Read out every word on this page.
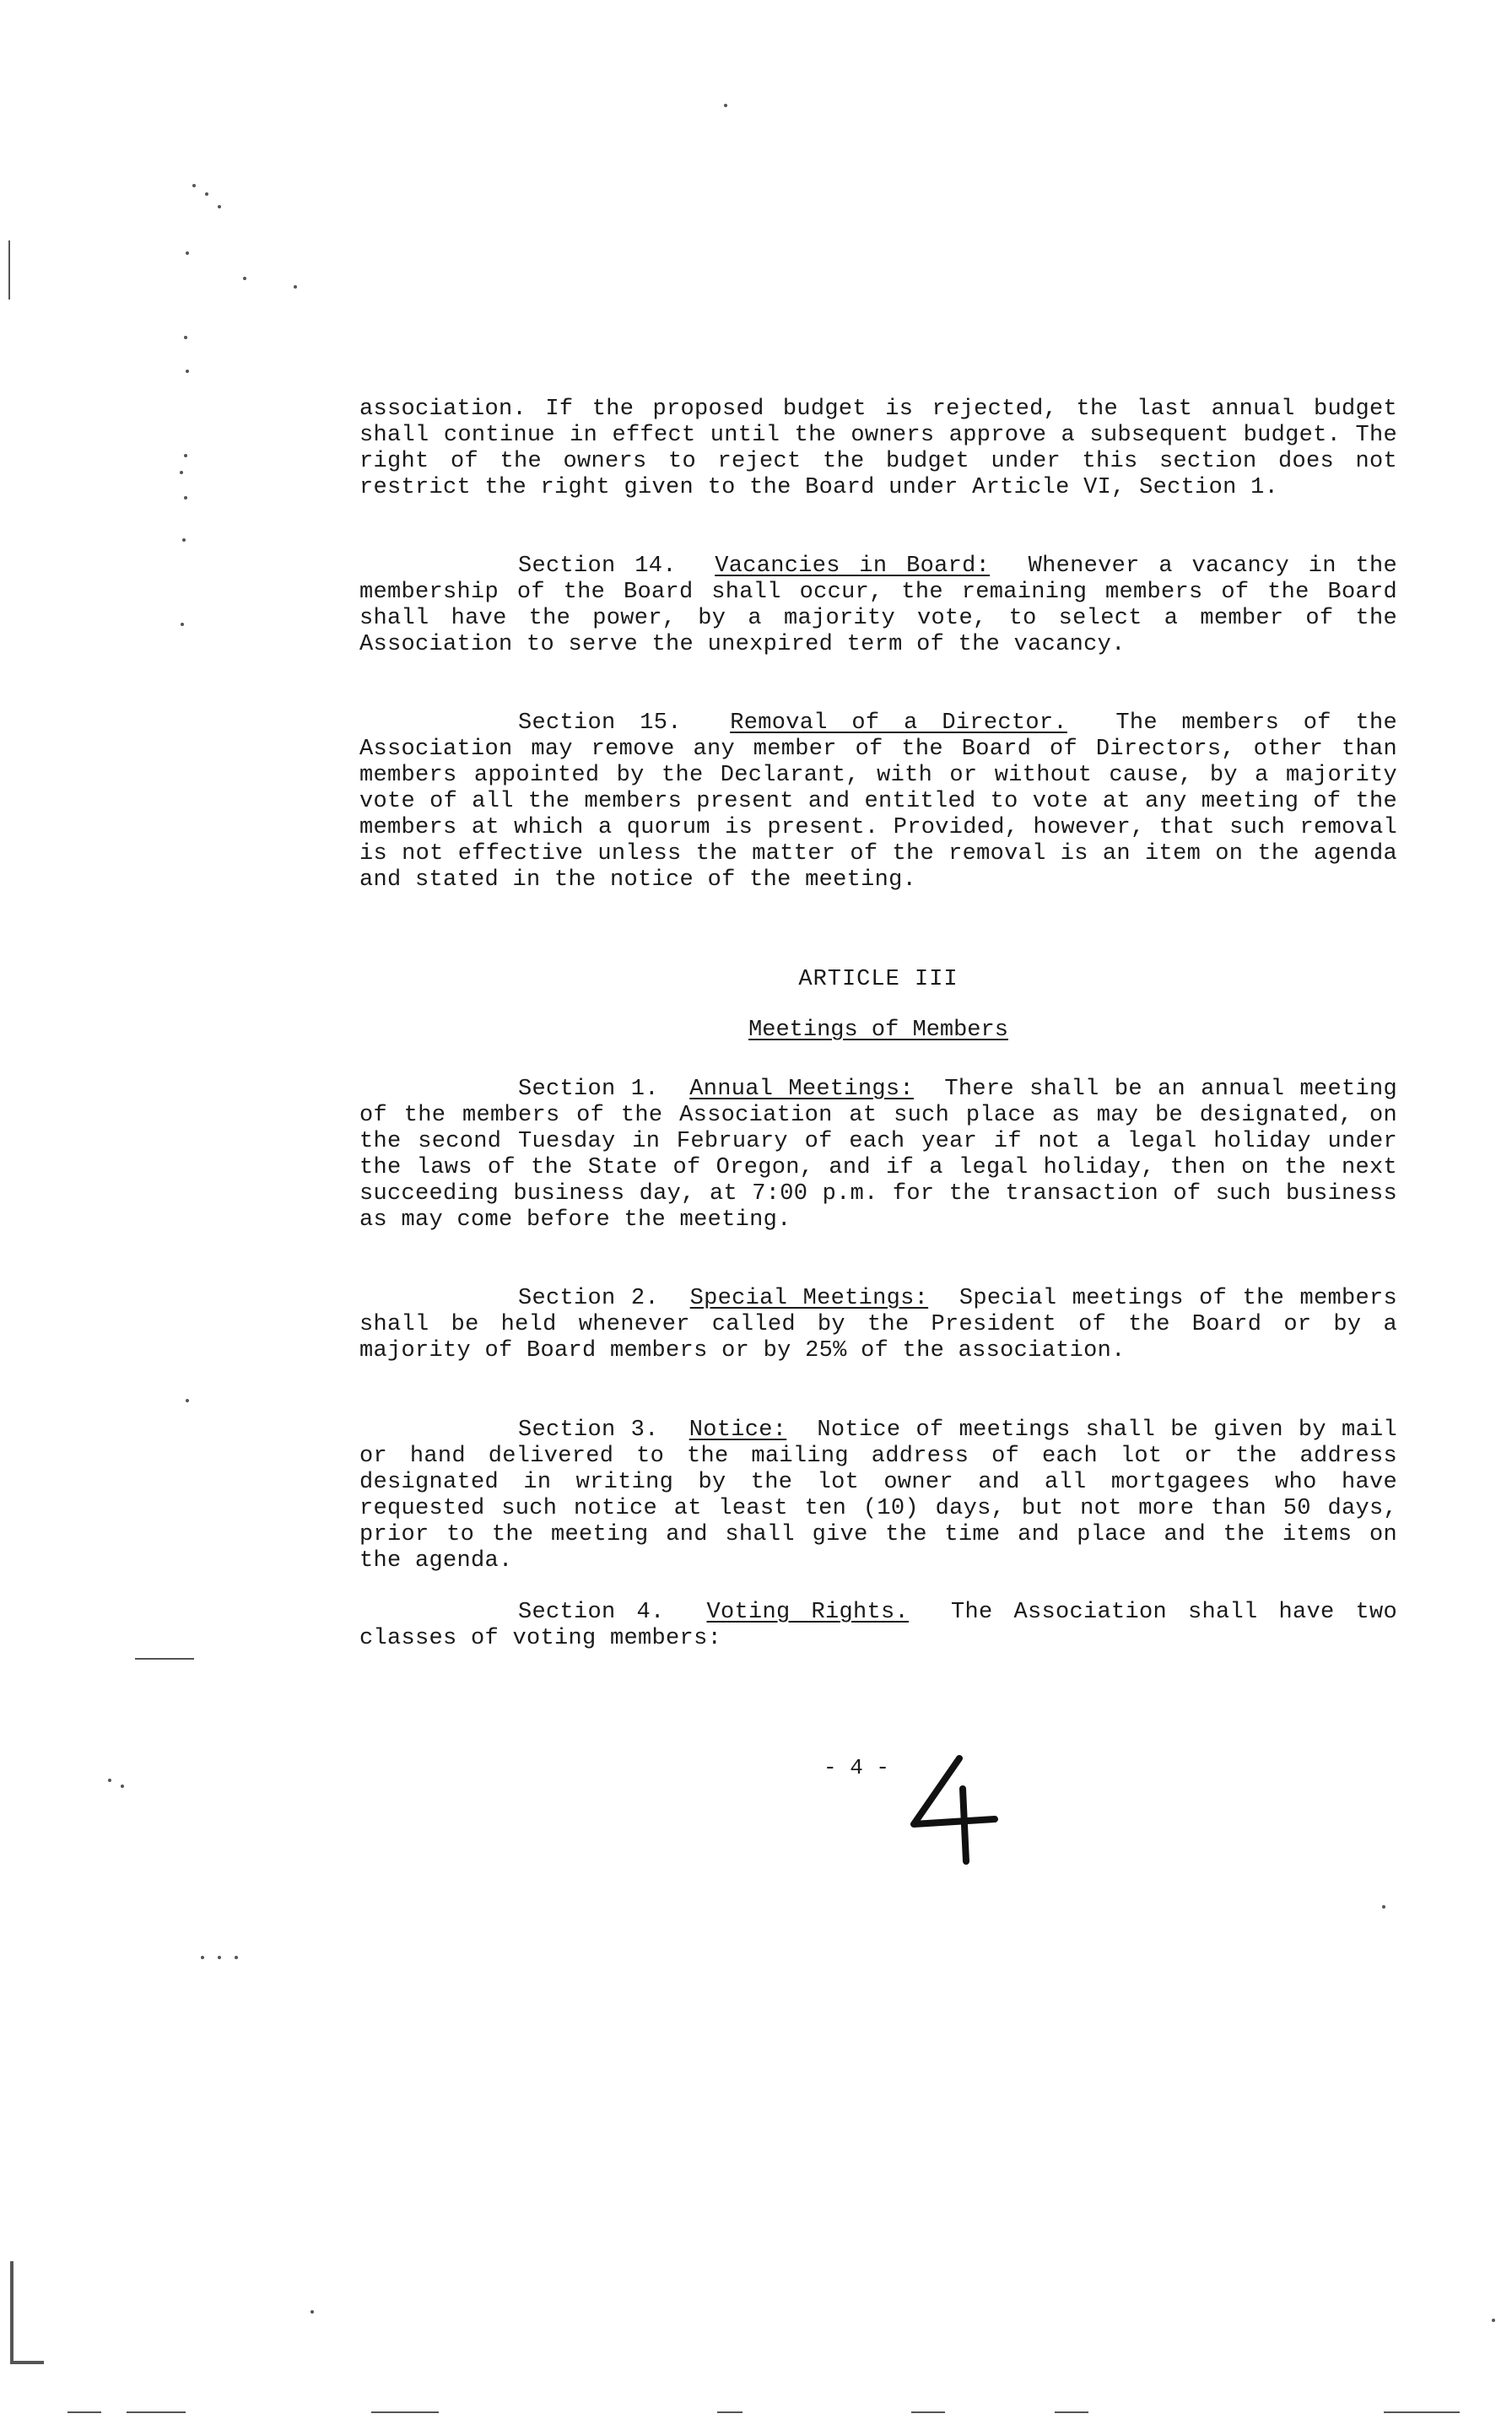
association. If the proposed budget is rejected, the last annual budget shall continue in effect until the owners approve a subsequent budget. The right of the owners to reject the budget under this section does not restrict the right given to the Board under Article VI, Section 1.

Section 14. Vacancies in Board: Whenever a vacancy in the membership of the Board shall occur, the remaining members of the Board shall have the power, by a majority vote, to select a member of the Association to serve the unexpired term of the vacancy.

Section 15. Removal of a Director. The members of the Association may remove any member of the Board of Directors, other than members appointed by the Declarant, with or without cause, by a majority vote of all the members present and entitled to vote at any meeting of the members at which a quorum is present. Provided, however, that such removal is not effective unless the matter of the removal is an item on the agenda and stated in the notice of the meeting.

ARTICLE III
Meetings of Members

Section 1. Annual Meetings: There shall be an annual meeting of the members of the Association at such place as may be designated, on the second Tuesday in February of each year if not a legal holiday under the laws of the State of Oregon, and if a legal holiday, then on the next succeeding business day, at 7:00 p.m. for the transaction of such business as may come before the meeting.

Section 2. Special Meetings: Special meetings of the members shall be held whenever called by the President of the Board or by a majority of Board members or by 25% of the association.

Section 3. Notice: Notice of meetings shall be given by mail or hand delivered to the mailing address of each lot or the address designated in writing by the lot owner and all mortgagees who have requested such notice at least ten (10) days, but not more than 50 days, prior to the meeting and shall give the time and place and the items on the agenda.

Section 4. Voting Rights. The Association shall have two classes of voting members:

- 4 -
